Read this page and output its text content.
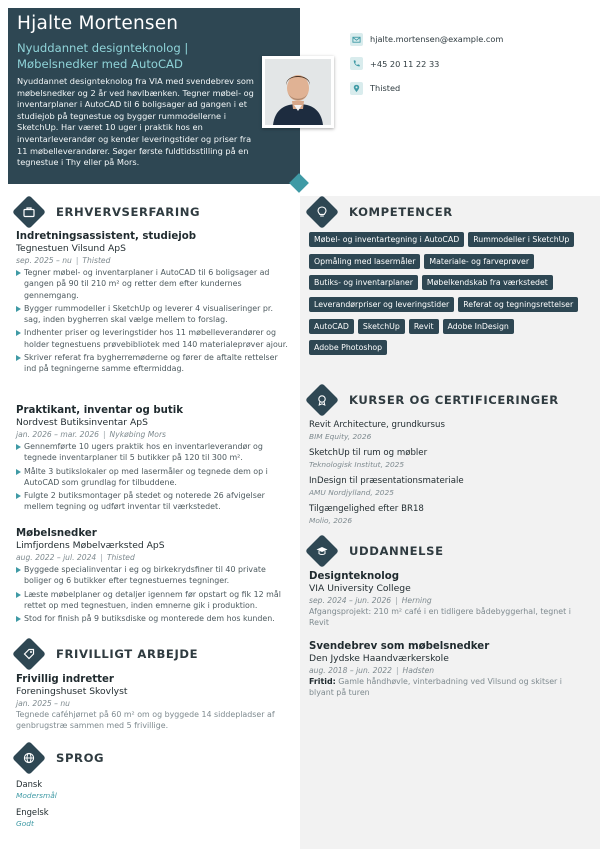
Hjalte Mortensen
Nyuddannet designteknolog | Møbelsnedker med AutoCAD
Nyuddannet designteknolog fra VIA med svendebrev som møbelsnedker og 2 år ved høvlbænken. Tegner møbel- og inventarplaner i AutoCAD til 6 boligsager ad gangen i et studiejob på tegnestue og bygger rummodellerne i SketchUp. Har været 10 uger i praktik hos en inventarleverandør og kender leveringstider og priser fra 11 møbelleverandører. Søger første fuldtidsstilling på en tegnestue i Thy eller på Mors.
hjalte.mortensen@example.com
+45 20 11 22 33
Thisted
ERHVERVSERFARING
Indretningsassistent, studiejob
Tegnestuen Vilsund ApS
sep. 2025 – nu | Thisted
Tegner møbel- og inventarplaner i AutoCAD til 6 boligsager ad gangen på 90 til 210 m² og retter dem efter kundernes gennemgang.
Bygger rummodeller i SketchUp og leverer 4 visualiseringer pr. sag, inden bygherren skal vælge mellem to forslag.
Indhenter priser og leveringstider hos 11 møbelleverandører og holder tegnestuens prøvebibliotek med 140 materialeprøver ajour.
Skriver referat fra bygherremøderne og fører de aftalte rettelser ind på tegningerne samme eftermiddag.
Praktikant, inventar og butik
Nordvest Butiksinventar ApS
jan. 2026 – mar. 2026 | Nykøbing Mors
Gennemførte 10 ugers praktik hos en inventarleverandør og tegnede inventarplaner til 5 butikker på 120 til 300 m².
Målte 3 butikslokaler op med lasermåler og tegnede dem op i AutoCAD som grundlag for tilbuddene.
Fulgte 2 butiksmontager på stedet og noterede 26 afvigelser mellem tegning og udført inventar til værkstedet.
Møbelsnedker
Limfjordens Møbelværksted ApS
aug. 2022 – jul. 2024 | Thisted
Byggede specialinventar i eg og birkekrydsfiner til 40 private boliger og 6 butikker efter tegnestuernes tegninger.
Læste møbelplaner og detaljer igennem før opstart og fik 12 mål rettet op med tegnestuen, inden emnerne gik i produktion.
Stod for finish på 9 butiksdiske og monterede dem hos kunden.
FRIVILLIGT ARBEJDE
Frivillig indretter
Foreningshuset Skovlyst
jan. 2025 – nu
Tegnede caféhjørnet på 60 m² om og byggede 14 siddepladser af genbrugstræ sammen med 5 frivillige.
SPROG
Dansk
Modersmål
Engelsk
Godt
KOMPETENCER
Møbel- og inventartegning i AutoCAD	Rummodeller i SketchUp
Opmåling med lasermåler	Materiale- og farveprøver
Butiks- og inventarplaner	Møbelkendskab fra værkstedet
Leverandørpriser og leveringstider	Referat og tegningsrettelser
AutoCAD	SketchUp	Revit	Adobe InDesign
Adobe Photoshop
KURSER OG CERTIFICERINGER
Revit Architecture, grundkursus
BIM Equity, 2026
SketchUp til rum og møbler
Teknologisk Institut, 2025
InDesign til præsentationsmateriale
AMU Nordjylland, 2025
Tilgængelighed efter BR18
Molio, 2026
UDDANNELSE
Designteknolog
VIA University College
sep. 2024 – jun. 2026 | Herning
Afgangsprojekt: 210 m² café i en tidligere bådebyggerhal, tegnet i Revit
Svendebrev som møbelsnedker
Den Jydske Haandværkerskole
aug. 2018 – jun. 2022 | Hadsten
Fritid: Gamle håndhøvle, vinterbadning ved Vilsund og skitser i blyant på turen
